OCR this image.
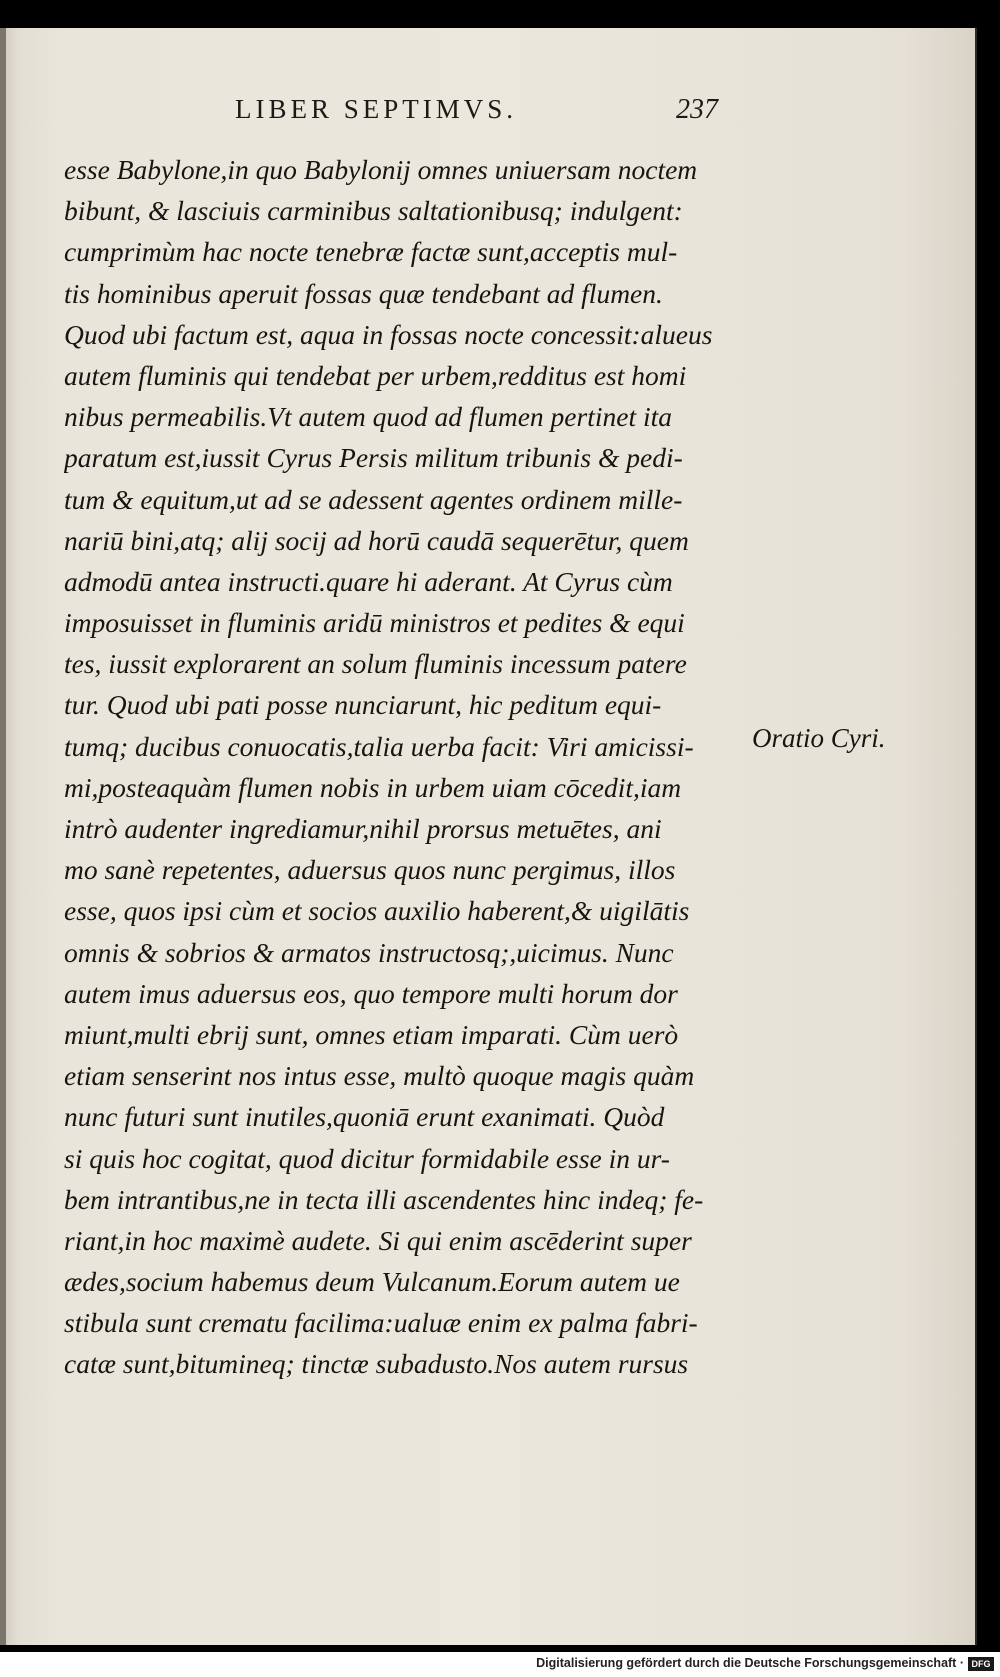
LIBER SEPTIMVS.	237
esse Babylone,in quo Babylonij omnes uniuersam noctem
bibunt, & lasciuis carminibus saltationibusq; indulgent:
cumprimùm hac nocte tenebræ factæ sunt,acceptis mul-
tis hominibus aperuit fossas quæ tendebant ad flumen.
Quod ubi factum est, aqua in fossas nocte concessit:alueus
autem fluminis qui tendebat per urbem,redditus est homi
nibus permeabilis.Vt autem quod ad flumen pertinet ita
paratum est,iussit Cyrus Persis militum tribunis & pedi-
tum & equitum,ut ad se adessent agentes ordinem mille-
nariū bini,atq; alij socij ad horū caudā sequerētur, quem
admodū antea instructi.quare hi aderant. At Cyrus cùm
imposuisset in fluminis aridū ministros et pedites & equi
tes, iussit explorarent an solum fluminis incessum patere
tur. Quod ubi pati posse nunciarunt, hic peditum equi-
tumq; ducibus conuocatis,talia uerba facit: Viri amicissi-
mi,posteaquàm flumen nobis in urbem uiam cōcedit,iam
intrò audenter ingrediamur,nihil prorsus metuētes, ani
mo sanè repetentes, aduersus quos nunc pergimus, illos
esse, quos ipsi cùm et socios auxilio haberent,& uigilātis
omnis & sobrios & armatos instructosq;,uicimus. Nunc
autem imus aduersus eos, quo tempore multi horum dor
miunt,multi ebrij sunt, omnes etiam imparati. Cùm uerò
etiam senserint nos intus esse, multò quoque magis quàm
nunc futuri sunt inutiles,quoniā erunt exanimati. Quòd
si quis hoc cogitat, quod dicitur formidabile esse in ur-
bem intrantibus,ne in tecta illi ascendentes hinc indeq; fe-
riant,in hoc maximè audete. Si qui enim ascēderint super
ædes,socium habemus deum Vulcanum.Eorum autem ue
stibula sunt crematu facilima:ualuæ enim ex palma fabri-
catæ sunt,bitumineq; tinctæ subadusto.Nos autem rursus
Oratio Cyri.
Digitalisierung gefördert durch die Deutsche Forschungsgemeinschaft · DFG
